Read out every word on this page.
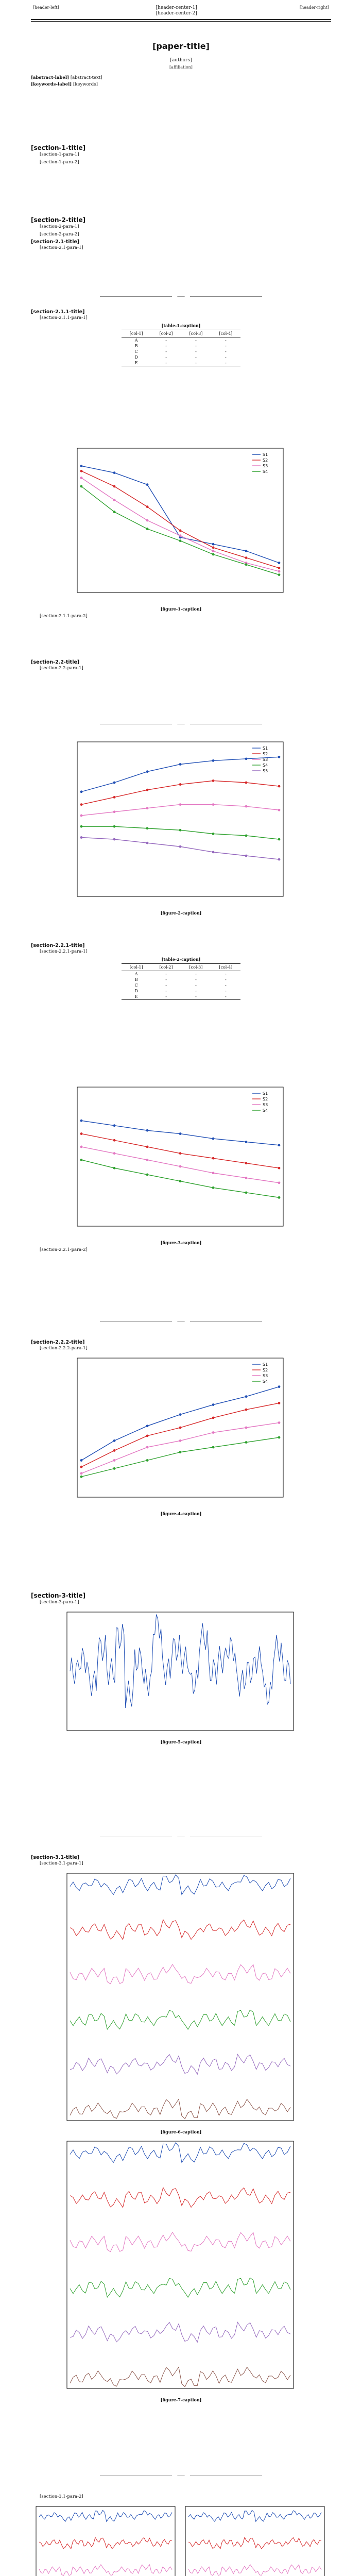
[header-left]	[header-center-1]
[header-center-2]
	[header-right]
[paper-title]
[authors]
[affiliation]
[abstract-label] [abstract-text]
[keywords-label] [keywords]

[section-1-title]

[section-1-para-1]

[section-1-para-2]

[section-2-title]

[section-2-para-1]

[section-2-para-2]

[section-2.1-title]

[section-2.1-para-1]

——

[section-2.1.1-title]

[section-2.1.1-para-1]

[table-1-caption]

[col-1]	[col-2]	[col-3]	[col-4]
A	-	-	-
B	-	-	-
C	-	-	-
D	-	-	-
E	-	-	-
S1
S2
S3
S4

[figure-1-caption]

[section-2.1.1-para-2]

[section-2.2-title]

[section-2.2-para-1]

——
S1
S2
S3
S4
S5

[figure-2-caption]

[section-2.2.1-title]

[section-2.2.1-para-1]

[table-2-caption]

[col-1]	[col-2]	[col-3]	[col-4]
A	-	-	-
B	-	-	-
C	-	-	-
D	-	-	-
E	-	-	-
S1
S2
S3
S4

[figure-3-caption]

[section-2.2.1-para-2]

——

[section-2.2.2-title]

[section-2.2.2-para-1]

S1
S2
S3
S4

[figure-4-caption]

[section-3-title]

[section-3-para-1]

[figure-5-caption]

——

[section-3.1-title]

[section-3.1-para-1]

[figure-6-caption]

[figure-7-caption]

——

[section-3.1-para-2]
